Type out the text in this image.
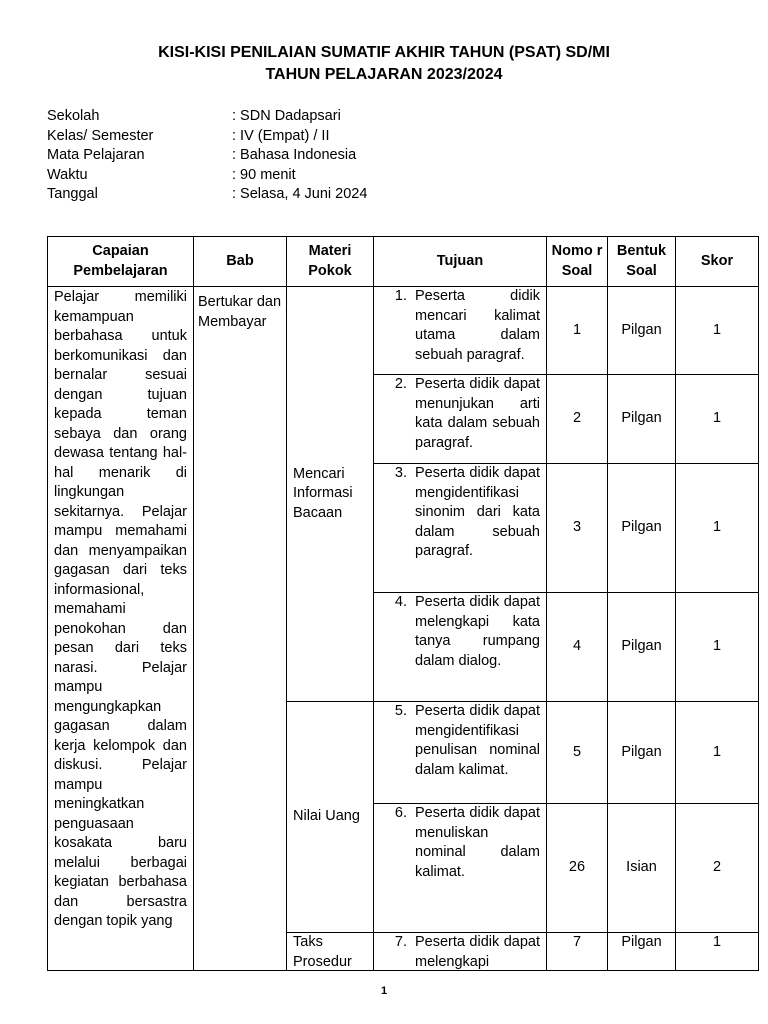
KISI-KISI PENILAIAN SUMATIF AKHIR TAHUN (PSAT) SD/MI
TAHUN PELAJARAN 2023/2024
Sekolah	: SDN Dadapsari
Kelas/ Semester	: IV (Empat) / II
Mata Pelajaran	: Bahasa Indonesia
Waktu	: 90 menit
Tanggal	: Selasa, 4 Juni 2024
Capaian Pembelajaran	Bab	Materi Pokok	Tujuan	Nomo r Soal	Bentuk Soal	Skor

Pelajar memiliki kemampuan berbahasa untuk berkomunikasi dan bernalar sesuai dengan tujuan kepada teman sebaya dan orang dewasa tentang hal-hal menarik di lingkungan sekitarnya. Pelajar mampu memahami dan menyampaikan gagasan dari teks informasional, memahami penokohan dan pesan dari teks narasi. Pelajar mampu mengungkapkan gagasan dalam kerja kelompok dan diskusi. Pelajar mampu meningkatkan penguasaan kosakata baru melalui berbagai kegiatan berbahasa dan bersastra dengan topik yang	Bertukar dan Membayar	Mencari Informasi Bacaan	1. Peserta didik mencari kalimat utama dalam sebuah paragraf.	1	Pilgan	1

			2. Peserta didik dapat menunjukan arti kata dalam sebuah paragraf.	2	Pilgan	1

			3. Peserta didik dapat mengidentifikasi sinonim dari kata dalam sebuah paragraf.	3	Pilgan	1

			4. Peserta didik dapat melengkapi kata tanya rumpang dalam dialog.	4	Pilgan	1
		Nilai Uang	5. Peserta didik dapat mengidentifikasi penulisan nominal dalam kalimat.	5	Pilgan	1

			6. Peserta didik dapat menuliskan nominal dalam kalimat.	26	Isian	2

		Taks Prosedur	7. Peserta didik dapat melengkapi	7	Pilgan	1
1
